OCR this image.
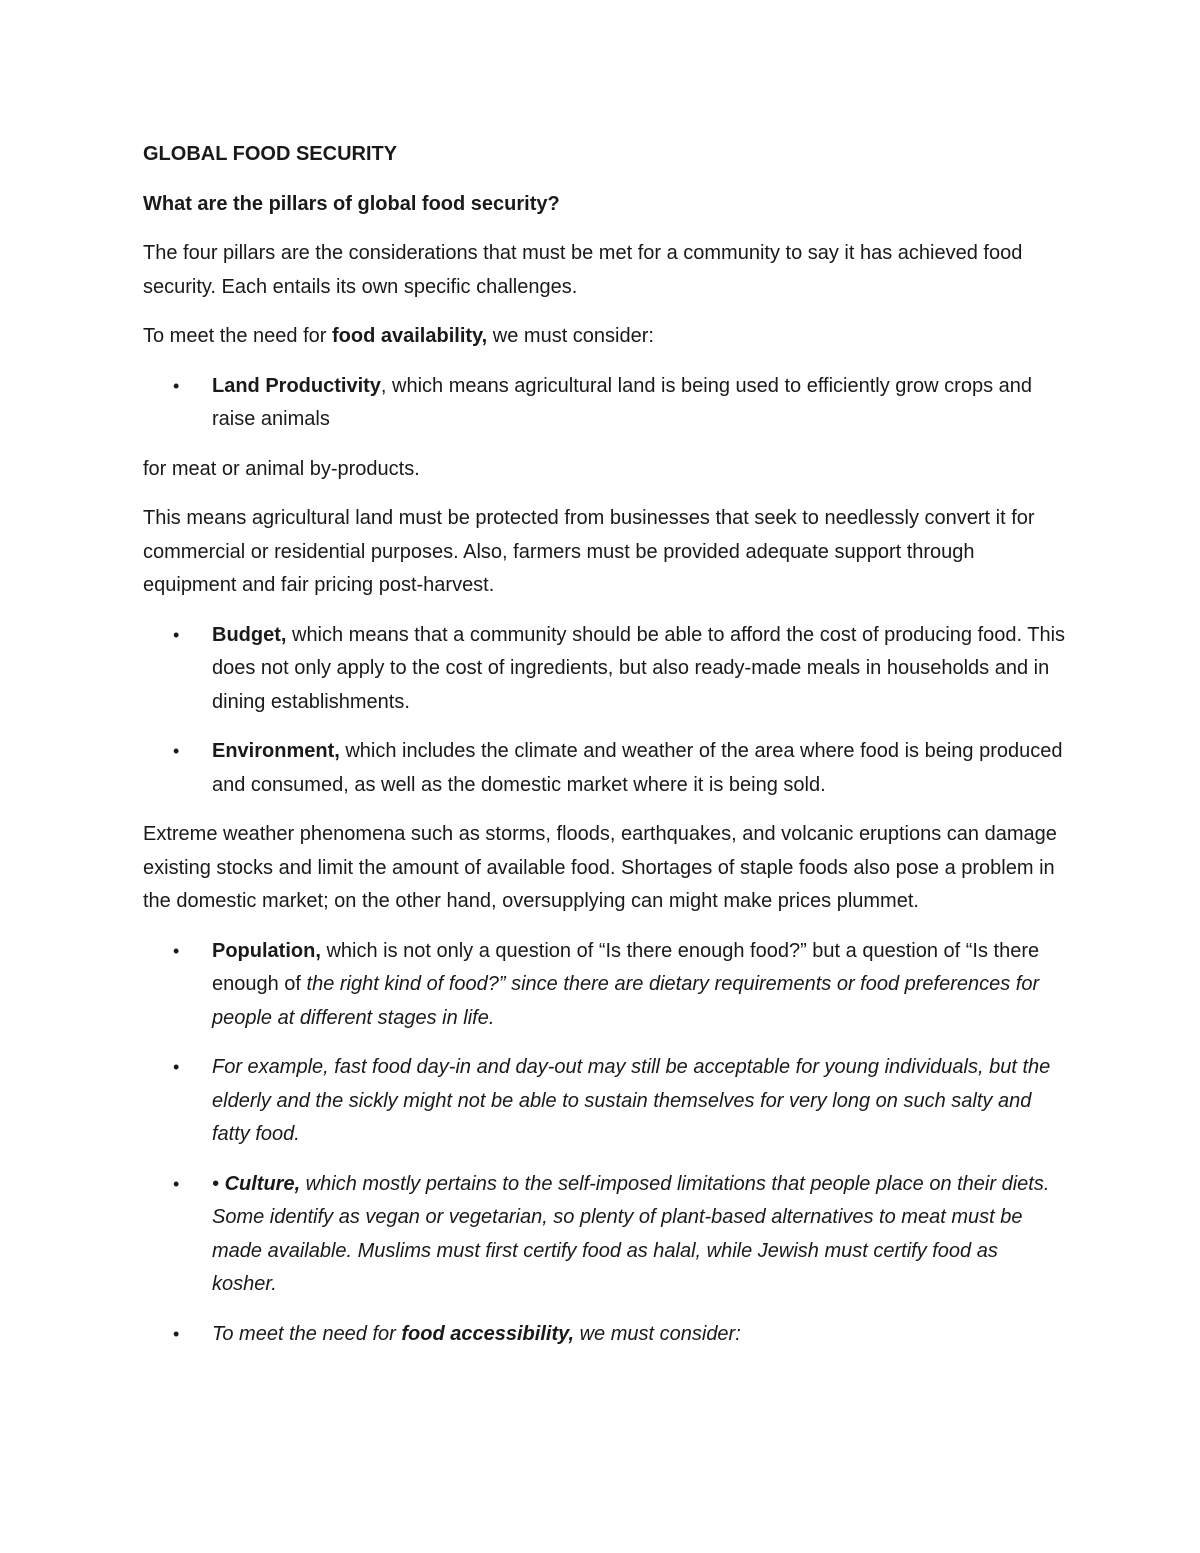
GLOBAL FOOD SECURITY

What are the pillars of global food security?

The four pillars are the considerations that must be met for a community to say it has achieved food security. Each entails its own specific challenges.

To meet the need for food availability, we must consider:

• Land Productivity, which means agricultural land is being used to efficiently grow crops and raise animals

for meat or animal by-products.

This means agricultural land must be protected from businesses that seek to needlessly convert it for commercial or residential purposes. Also, farmers must be provided adequate support through equipment and fair pricing post-harvest.

• Budget, which means that a community should be able to afford the cost of producing food. This does not only apply to the cost of ingredients, but also ready-made meals in households and in dining establishments.
• Environment, which includes the climate and weather of the area where food is being produced and consumed, as well as the domestic market where it is being sold.

Extreme weather phenomena such as storms, floods, earthquakes, and volcanic eruptions can damage existing stocks and limit the amount of available food. Shortages of staple foods also pose a problem in the domestic market; on the other hand, oversupplying can might make prices plummet.

• Population, which is not only a question of “Is there enough food?” but a question of “Is there enough of the right kind of food?” since there are dietary requirements or food preferences for people at different stages in life.
• For example, fast food day-in and day-out may still be acceptable for young individuals, but the elderly and the sickly might not be able to sustain themselves for very long on such salty and fatty food.
• • Culture, which mostly pertains to the self-imposed limitations that people place on their diets. Some identify as vegan or vegetarian, so plenty of plant-based alternatives to meat must be made available. Muslims must first certify food as halal, while Jewish must certify food as kosher.
• To meet the need for food accessibility, we must consider:
